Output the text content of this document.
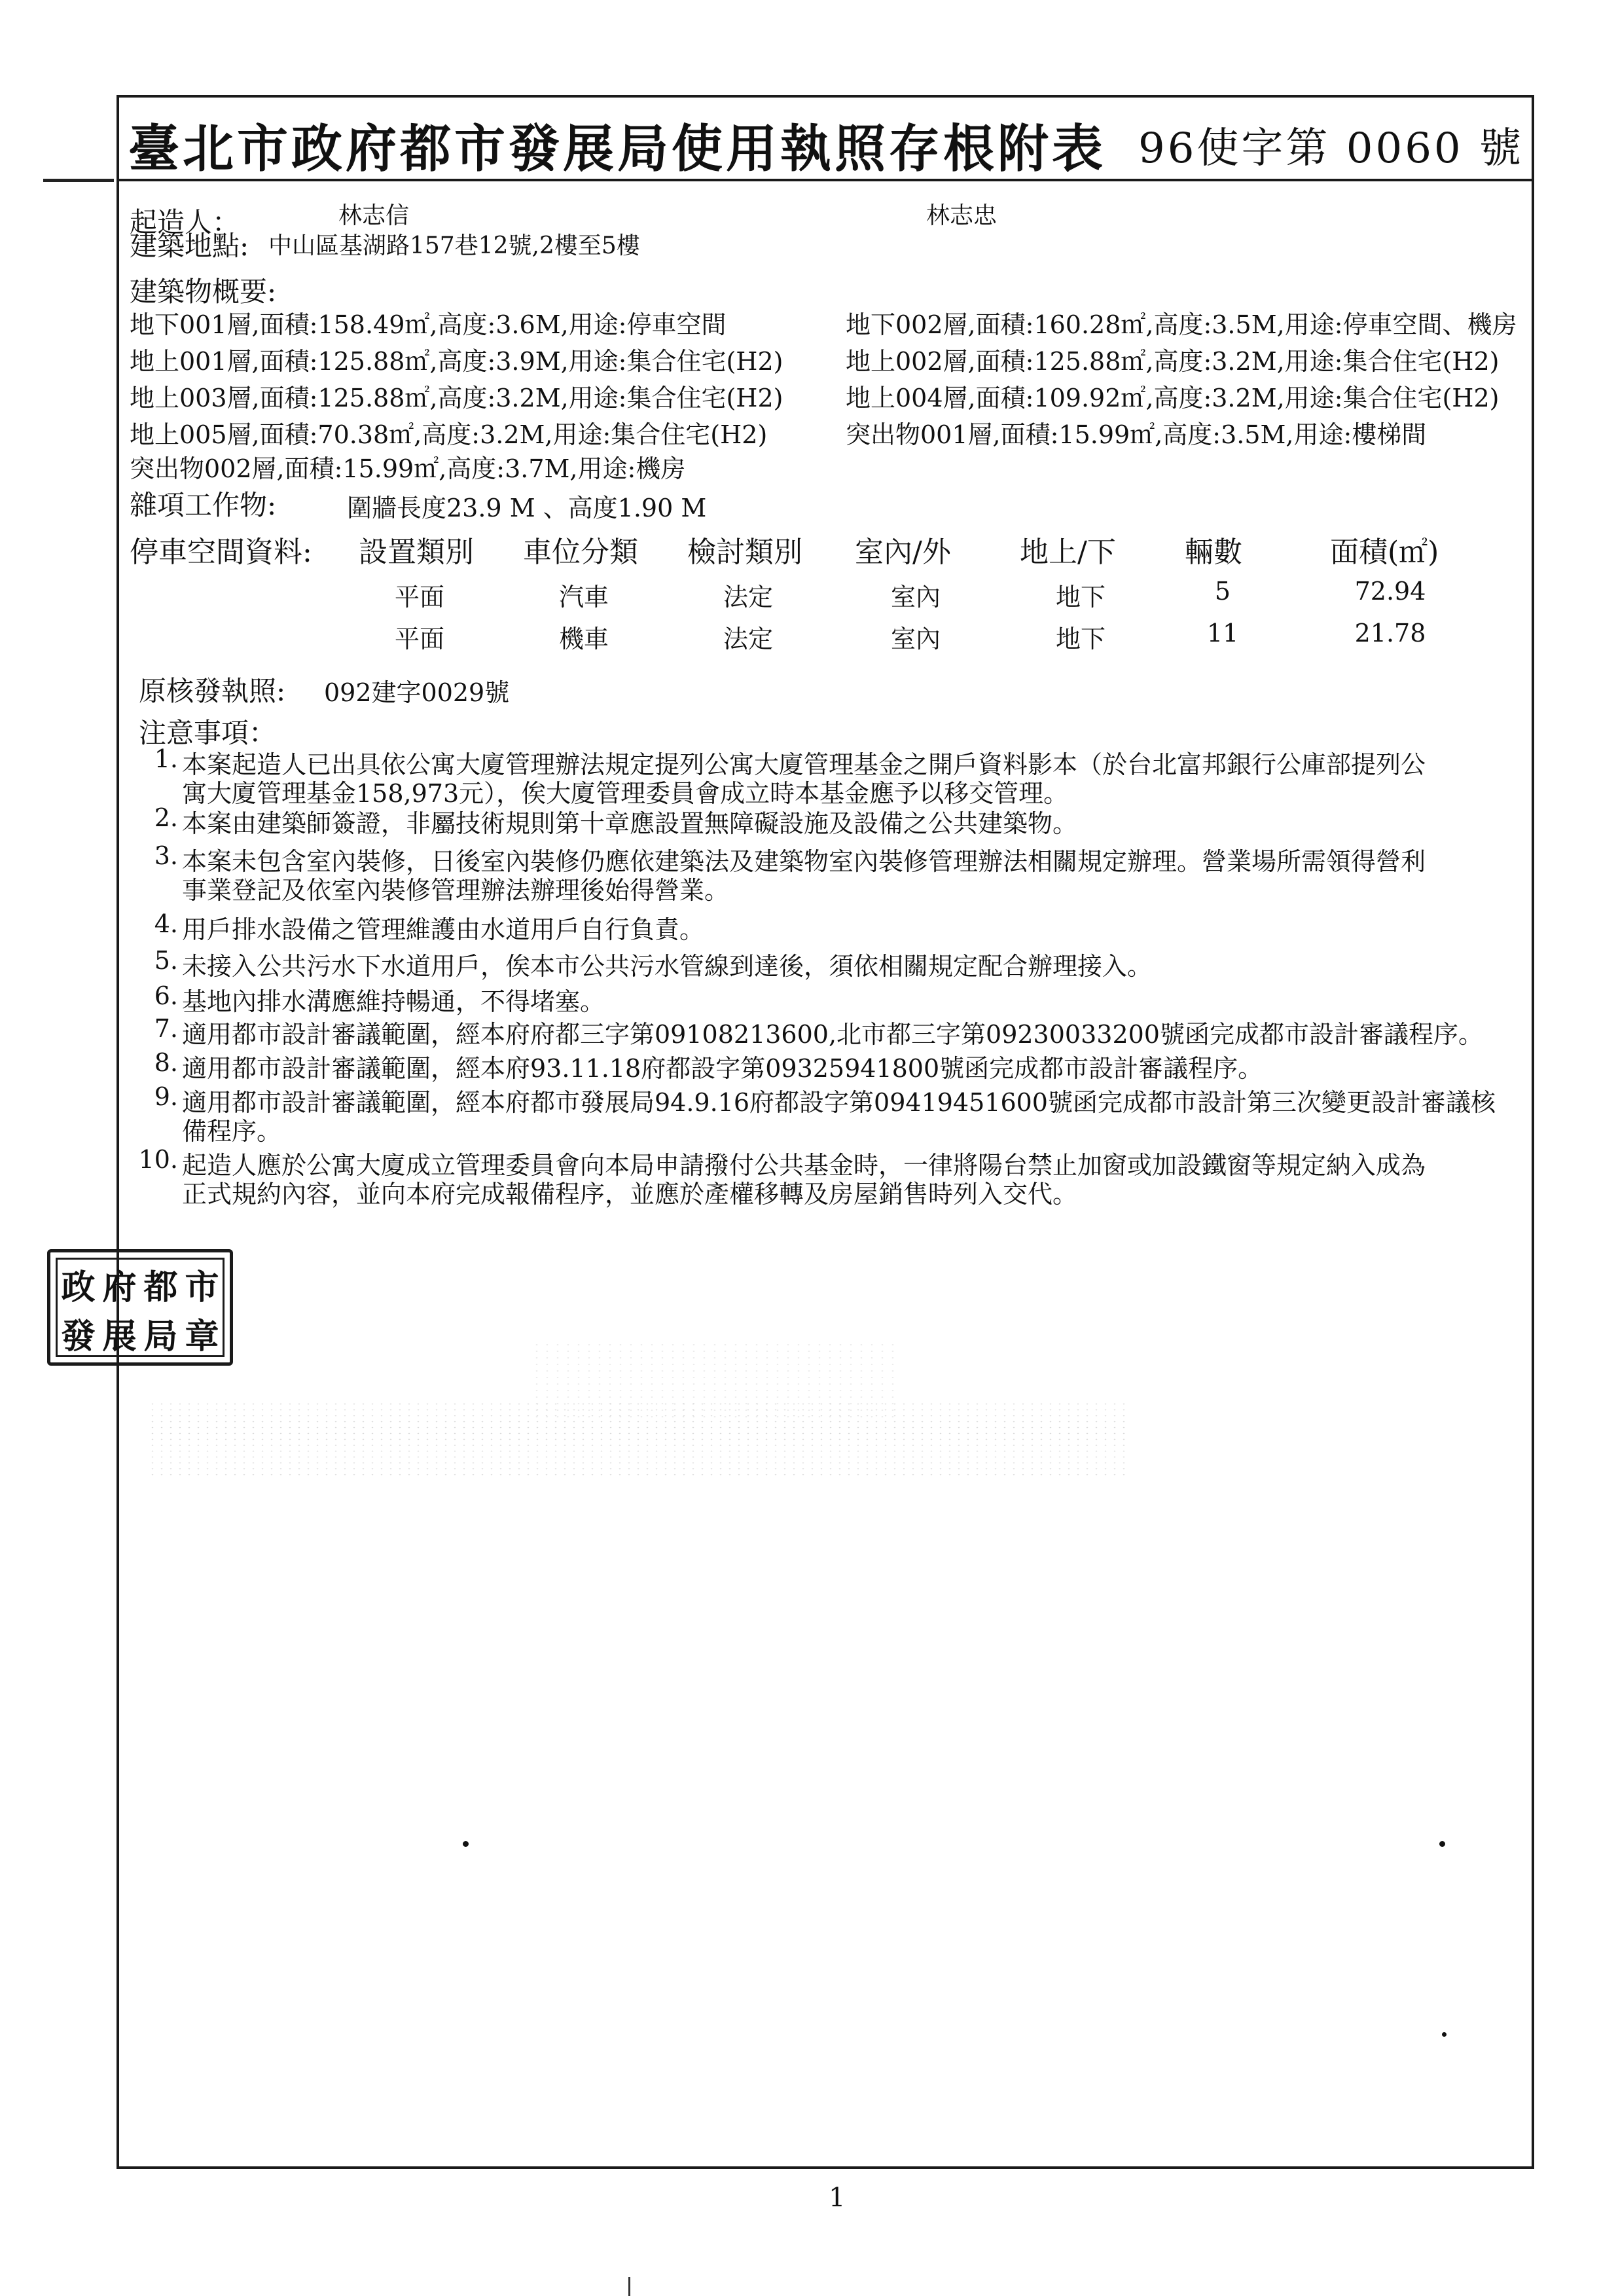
臺北市政府都市發展局使用執照存根附表 96使字第 0060 號
起造人：	林志信	林志忠
建築地點: 中山區基湖路157巷12號,2樓至5樓
建築物概要:
地下001層,面積:158.49㎡,高度:3.6M,用途:停車空間	地下002層,面積:160.28㎡,高度:3.5M,用途:停車空間、機房
地上001層,面積:125.88㎡,高度:3.9M,用途:集合住宅(H2)	地上002層,面積:125.88㎡,高度:3.2M,用途:集合住宅(H2)
地上003層,面積:125.88㎡,高度:3.2M,用途:集合住宅(H2)	地上004層,面積:109.92㎡,高度:3.2M,用途:集合住宅(H2)
地上005層,面積:70.38㎡,高度:3.2M,用途:集合住宅(H2)	突出物001層,面積:15.99㎡,高度:3.5M,用途:樓梯間
突出物002層,面積:15.99㎡,高度:3.7M,用途:機房
雜項工作物:	圍牆長度23.9 M 、高度1.90 M
停車空間資料: 設置類別 車位分類 檢討類別 室內/外 地上/下 輛數	面積(㎡)
平面	汽車	法定	室內	地下	5	72.94
平面	機車	法定	室內	地下	11	21.78
原核發執照: 092建字0029號
注意事項：
1. 本案起造人已出具依公寓大廈管理辦法規定提列公寓大廈管理基金之開戶資料影本（於台北富邦銀行公庫部提列公
寓大廈管理基金158,973元），俟大廈管理委員會成立時本基金應予以移交管理。
2. 本案由建築師簽證，非屬技術規則第十章應設置無障礙設施及設備之公共建築物。
3. 本案未包含室內裝修，日後室內裝修仍應依建築法及建築物室內裝修管理辦法相關規定辦理。營業場所需領得營利
事業登記及依室內裝修管理辦法辦理後始得營業。
4. 用戶排水設備之管理維護由水道用戶自行負責。
5. 未接入公共污水下水道用戶，俟本市公共污水管線到達後，須依相關規定配合辦理接入。
6. 基地內排水溝應維持暢通，不得堵塞。
7. 適用都市設計審議範圍，經本府府都三字第09108213600,北市都三字第09230033200號函完成都市設計審議程序。
8. 適用都市設計審議範圍，經本府93.11.18府都設字第09325941800號函完成都市設計審議程序。
9. 適用都市設計審議範圍，經本府都市發展局94.9.16府都設字第09419451600號函完成都市設計第三次變更設計審議核
備程序。
10. 起造人應於公寓大廈成立管理委員會向本局申請撥付公共基金時，一律將陽台禁止加窗或加設鐵窗等規定納入成為
正式規約內容，並向本府完成報備程序，並應於產權移轉及房屋銷售時列入交代。
政 府 都 市
發 展 局 章
1
